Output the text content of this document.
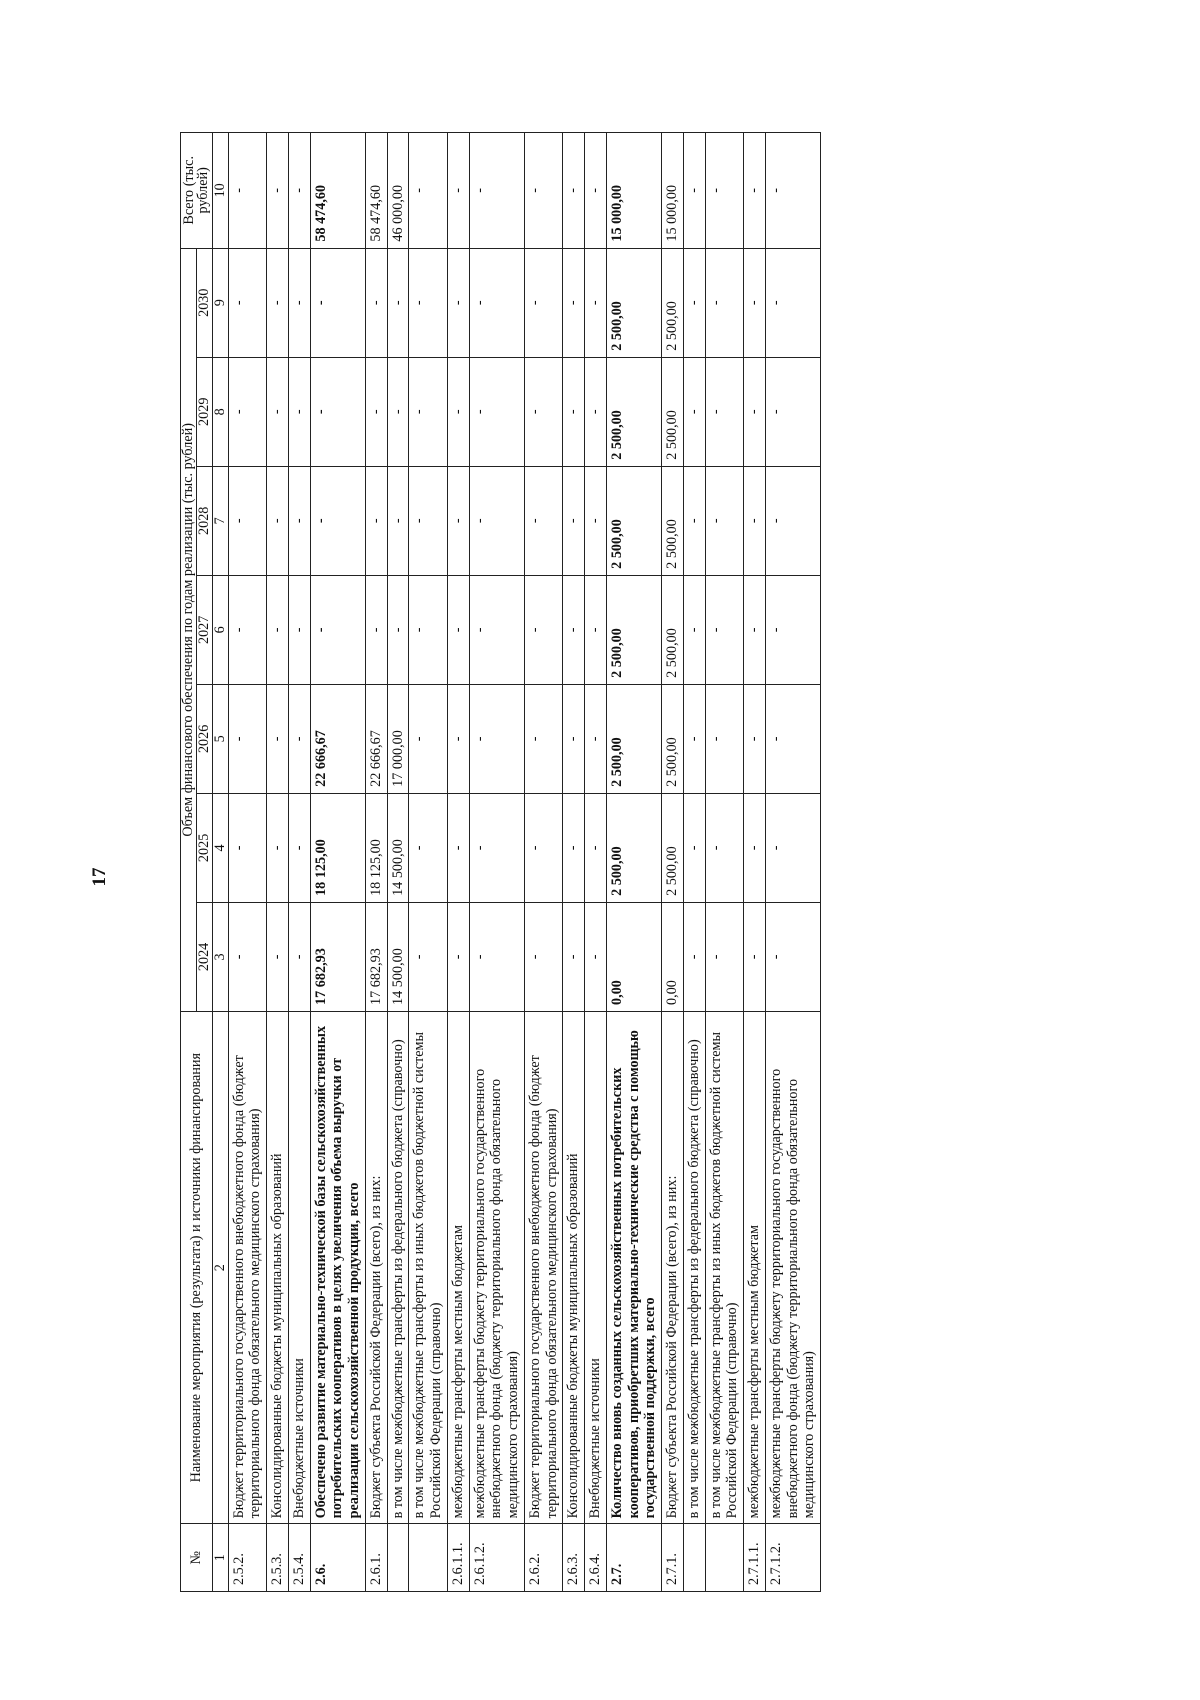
17
№	Наименование мероприятия (результата) и источники финансирования	Объем финансового обеспечения по годам реализации (тыс. рублей)							Всего (тыс. рублей)
		2024	2025	2026	2027	2028	2029	2030	
1	2	3	4	5	6	7	8	9	10
2.5.2.	Бюджет территориального государственного внебюджетного фонда (бюджет территориального фонда обязательного медицинского страхования)	-	-	-	-	-	-	-	-
2.5.3.	Консолидированные бюджеты муниципальных образований	-	-	-	-	-	-	-	-
2.5.4.	Внебюджетные источники	-	-	-	-	-	-	-	-
2.6.	Обеспечено развитие материально-технической базы сельскохозяйственных потребительских кооперативов в целях увеличения объема выручки от реализации сельскохозяйственной продукции, всего	17 682,93	18 125,00	22 666,67	-	-	-	-	58 474,60
2.6.1.	Бюджет субъекта Российской Федерации (всего), из них:	17 682,93	18 125,00	22 666,67	-	-	-	-	58 474,60
	в том числе межбюджетные трансферты из федерального бюджета (справочно)	14 500,00	14 500,00	17 000,00	-	-	-	-	46 000,00
	в том числе межбюджетные трансферты из иных бюджетов бюджетной системы Российской Федерации (справочно)	-	-	-	-	-	-	-	-
2.6.1.1.	межбюджетные трансферты местным бюджетам	-	-	-	-	-	-	-	-
2.6.1.2.	межбюджетные трансферты бюджету территориального государственного внебюджетного фонда (бюджету территориального фонда обязательного медицинского страхования)	-	-	-	-	-	-	-	-
2.6.2.	Бюджет территориального государственного внебюджетного фонда (бюджет территориального фонда обязательного медицинского страхования)	-	-	-	-	-	-	-	-
2.6.3.	Консолидированные бюджеты муниципальных образований	-	-	-	-	-	-	-	-
2.6.4.	Внебюджетные источники	-	-	-	-	-	-	-	-
2.7.	Количество вновь созданных сельскохозяйственных потребительских кооперативов, приобретших материально-технические средства с помощью государственной поддержки, всего	0,00	2 500,00	2 500,00	2 500,00	2 500,00	2 500,00	2 500,00	15 000,00
2.7.1.	Бюджет субъекта Российской Федерации (всего), из них:	0,00	2 500,00	2 500,00	2 500,00	2 500,00	2 500,00	2 500,00	15 000,00
	в том числе межбюджетные трансферты из федерального бюджета (справочно)	-	-	-	-	-	-	-	-
	в том числе межбюджетные трансферты из иных бюджетов бюджетной системы Российской Федерации (справочно)	-	-	-	-	-	-	-	-
2.7.1.1.	межбюджетные трансферты местным бюджетам	-	-	-	-	-	-	-	-
2.7.1.2.	межбюджетные трансферты бюджету территориального государственного внебюджетного фонда (бюджету территориального фонда обязательного медицинского страхования)	-	-	-	-	-	-	-	-
